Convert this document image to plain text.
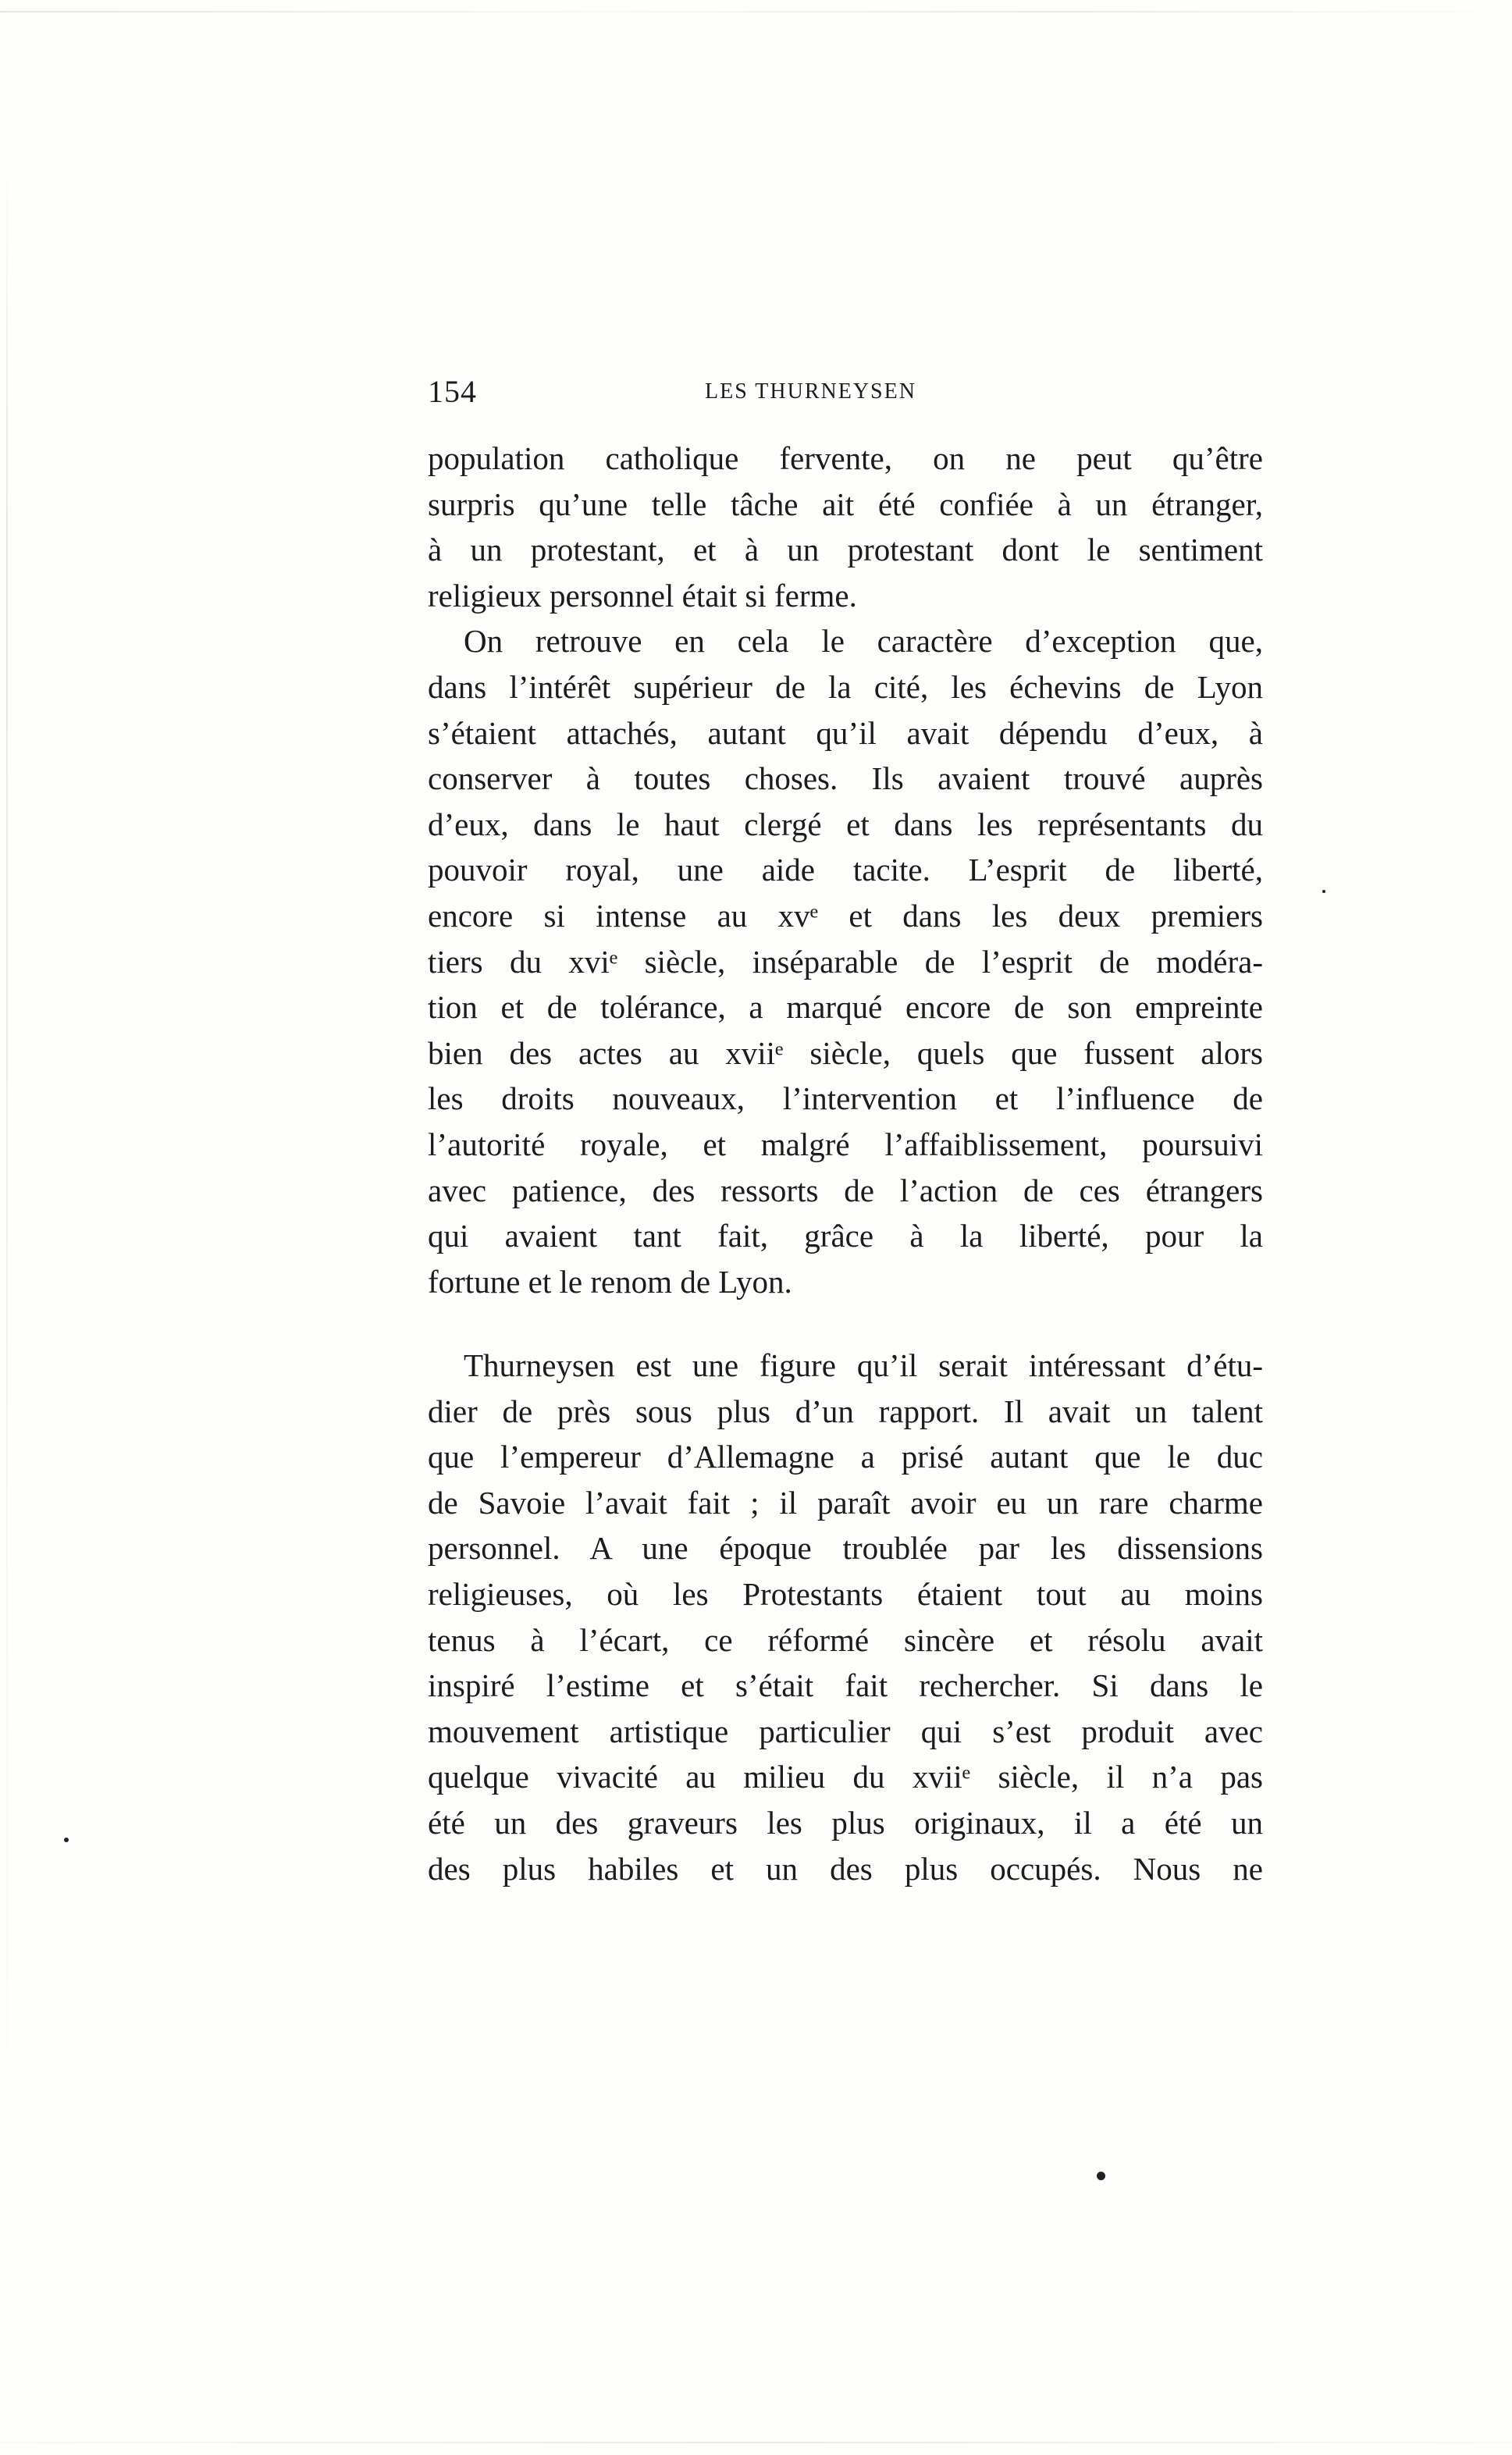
154	LES THURNEYSEN
population catholique fervente, on ne peut qu’être
surpris qu’une telle tâche ait été confiée à un étranger,
à un protestant, et à un protestant dont le sentiment
religieux personnel était si ferme.
On retrouve en cela le caractère d’exception que,
dans l’intérêt supérieur de la cité, les échevins de Lyon
s’étaient attachés, autant qu’il avait dépendu d’eux, à
conserver à toutes choses. Ils avaient trouvé auprès
d’eux, dans le haut clergé et dans les représentants du
pouvoir royal, une aide tacite. L’esprit de liberté,
encore si intense au xvᵉ et dans les deux premiers
tiers du xviᵉ siècle, inséparable de l’esprit de modéra-
tion et de tolérance, a marqué encore de son empreinte
bien des actes au xviiᵉ siècle, quels que fussent alors
les droits nouveaux, l’intervention et l’influence de
l’autorité royale, et malgré l’affaiblissement, poursuivi
avec patience, des ressorts de l’action de ces étrangers
qui avaient tant fait, grâce à la liberté, pour la
fortune et le renom de Lyon.
Thurneysen est une figure qu’il serait intéressant d’étu-
dier de près sous plus d’un rapport. Il avait un talent
que l’empereur d’Allemagne a prisé autant que le duc
de Savoie l’avait fait ; il paraît avoir eu un rare charme
personnel. A une époque troublée par les dissensions
religieuses, où les Protestants étaient tout au moins
tenus à l’écart, ce réformé sincère et résolu avait
inspiré l’estime et s’était fait rechercher. Si dans le
mouvement artistique particulier qui s’est produit avec
quelque vivacité au milieu du xviiᵉ siècle, il n’a pas
été un des graveurs les plus originaux, il a été un
des plus habiles et un des plus occupés. Nous ne
